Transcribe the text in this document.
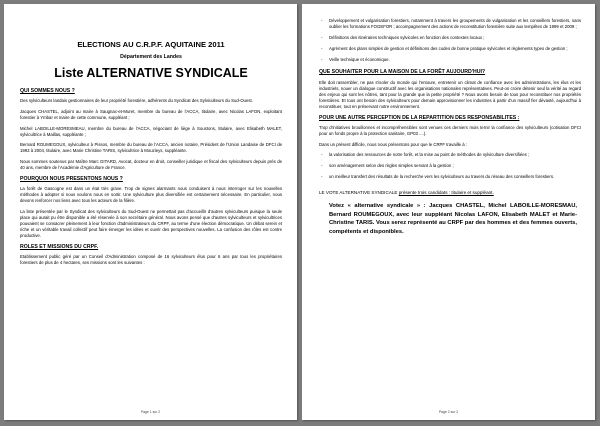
ELECTIONS AU C.R.P.F. AQUITAINE 2011
Département des Landes
Liste ALTERNATIVE SYNDICALE
QUI SOMMES NOUS ?

Des sylviculteurs landais gestionnaires de leur propriété forestière, adhérents du Syndicat des Sylviculteurs du Sud-Ouest.

Jacques CHASTEL, adjoint au maire à Saugnac-et-Muret, membre du bureau de l'ACCA, titulaire, avec Nicolas LAFON, exploitant forestier à Ymbar et maire de cette commune, suppléant ;

Michel LABOILLE-MORESMEAU, membre du bureau de l'ACCA, négociant de liège à Soustons, titulaire, avec Elisabeth MALET, sylvicultrice à Maillas, suppléante ;

Bernard ROUMEGOUX, sylviculteur à Pissos, membre du bureau de l'ACCA, ancien notaire, Président de l'Union Landaise de DFCI de 1993 à 2004, titulaire, avec Marie Christine TARIS, sylvicultrice à Mouzieys, suppléante.

Nous sommes soutenus par Maître Marc GITARD, Avocat, docteur en droit, conseiller juridique et fiscal des sylviculteurs depuis près de 40 ans, membre de l'Académie d'Agriculture de France.

POURQUOI NOUS PRESENTONS NOUS ?

La forêt de Gascogne est dans un état très grave. Trop de signes alarmants nous conduisent à nous interroger sur les nouvelles méthodes à adopter si nous voulons nous en sortir. Une sylviculture plus diversifiée est certainement nécessaire. En particulier, nous devons renforcer nos liens avec tous les acteurs de la filière.

La liste présentée par le Syndicat des sylviculteurs du Sud-Ouest ne permettait pas d'accueillir d'autres sylviculteurs puisque la seule place qui aurait pu être disponible a été réservée à son secrétaire général. Nous avons pensé que d'autres sylviculteurs et sylvicultrices pouvaient se consacrer pleinement à leur fonction d'administrateurs du CRPF, au terme d'une élection démocratique. Un débat serein et riche et un véritable travail collectif peut faire émerger les idées et ouvrir des perspectives nouvelles. La confusion des rôles est contre productive.

ROLES ET MISSIONS DU CRPF.

Etablissement public géré par un Conseil d'Administration composé de 16 sylviculteurs élus pour 6 ans par tous les propriétaires forestiers de plus de 4 hectares, ses missions sont les suivantes :

Page 1 sur 2
- Développement et vulgarisation forestiers, notamment à travers les groupements de vulgarisation et les conseillers forestiers, sans oublier les formations FOGEFOR ; accompagnement des actions de reconstitution forestière suite aux tempêtes de 1999 et 2009 ;
- Définitions des itinéraires techniques sylvicoles en fonction des contextes locaux ;
- Agrément des plans simples de gestion et définitions des codes de bonne pratique sylvicoles et règlements types de gestion ;
- Veille technique et économique.
QUE SOUHAITER POUR LA MAISON DE LA FORÊT AUJOURD'HUI?

Elle doit rassembler, ne pas s'isoler du monde qui l'entoure, entretenir un climat de confiance avec les administrations, les élus et les industriels, nouer un dialogue constructif avec les organisations nationales représentatives. Peut-on croire détenir seul la vérité au regard des enjeux qui sont les nôtres, tant pour la grande que la petite propriété ? Nous avons besoin de tous pour reconstituer nos propriétés forestières. Et tous ont besoin des sylviculteurs pour demain approvisionner les industries à partir d'un massif fier dévasté, aujourd'hui à reconstituer, tout en préservant notre environnement.

POUR UNE AUTRE PERCEPTION DE LA REPARTITION DES RESPONSABILITES :

Trop d'initiatives brouillonnes et incompréhensibles sont venues ces derniers mois ternir la confiance des sylviculteurs (cotisation DFCI pour un fonds propre à la protection sanitaire, GP03 ....).

Dans un présent difficile, nous nous présentons pour que le CRPF travaille à :

- la valorisation des ressources de notre forêt, et la mise au point de méthodes de sylviculture diversifiées ;
- son aménagement selon des règles simples servant à la gestion ;
- un meilleur transfert des résultats de la recherche vers les sylviculteurs au travers du réseau des conseillers forestiers.
LE VOTE ALTERNATIVE SYNDICALE présente trois candidats : titulaire et suppléant.
Votez « alternative syndicale » : Jacques CHASTEL, Michel LABOILLE-MORESMAU, Bernard ROUMEGOUX, avec leur suppléant Nicolas LAFON, Elisabeth MALET et Marie-Christine TARIS. Vous serez représenté au CRPF par des hommes et des femmes ouverts, compétents et disponibles.
Page 2 sur 2
